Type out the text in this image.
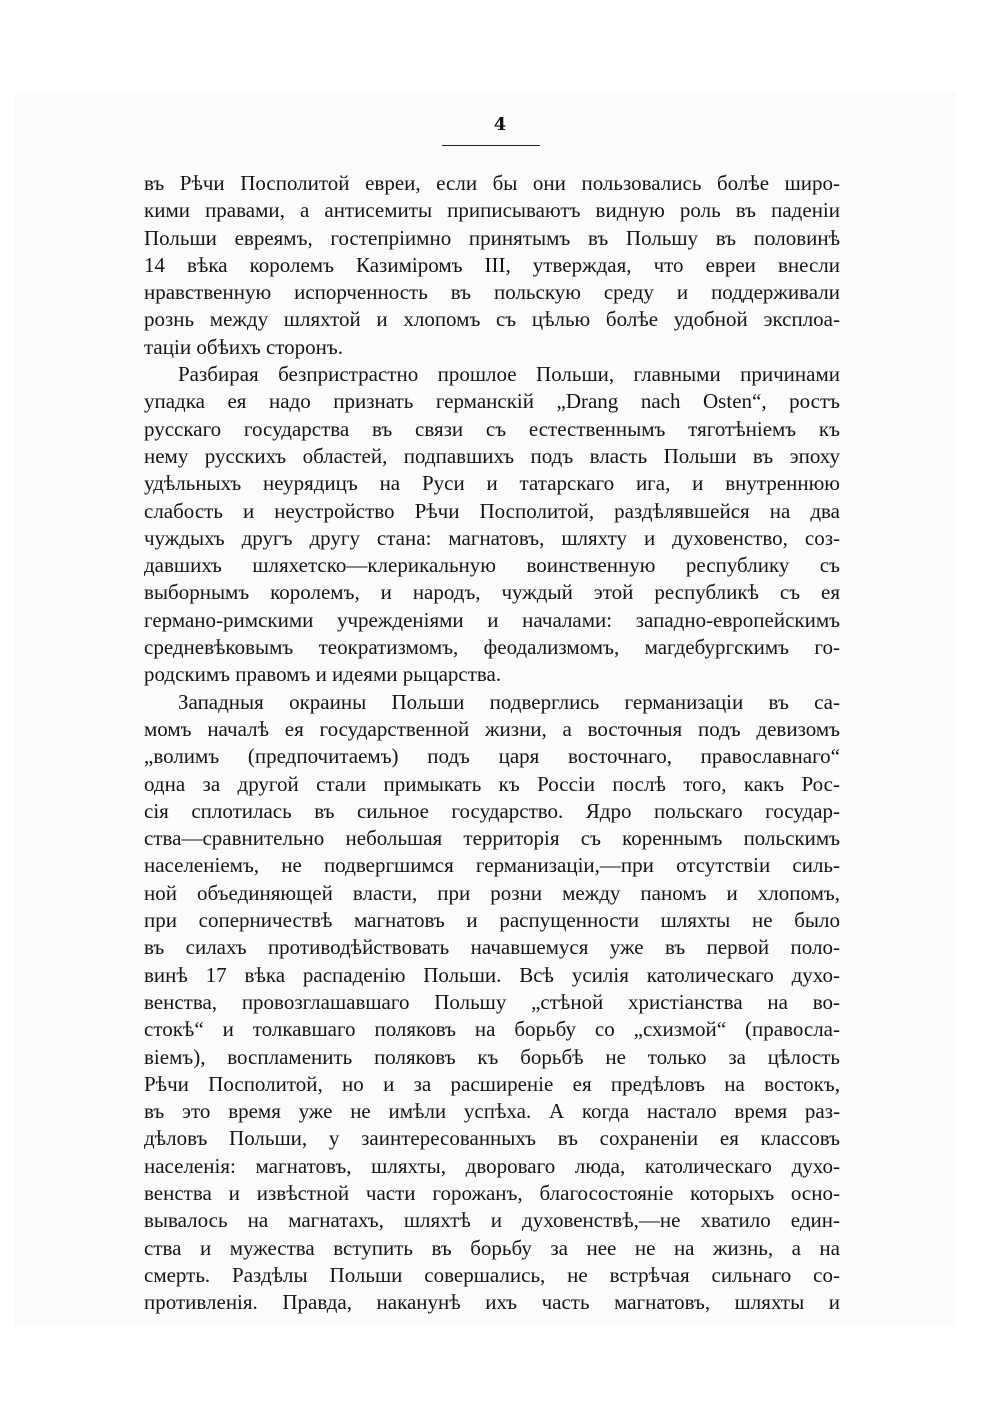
4
въ Рѣчи Посполитой евреи, если бы они пользовались болѣе широ-
кими правами, а антисемиты приписываютъ видную роль въ паденіи
Польши евреямъ, гостепріимно принятымъ въ Польшу въ половинѣ
14 вѣка королемъ Казиміромъ III, утверждая, что евреи внесли
нравственную испорченность въ польскую среду и поддерживали
рознь между шляхтой и хлопомъ съ цѣлью болѣе удобной эксплоа-
таціи обѣихъ сторонъ.
Разбирая безпристрастно прошлое Польши, главными причинами
упадка ея надо признать германскій „Drang nach Osten“, ростъ
русскаго государства въ связи съ естественнымъ тяготѣніемъ къ
нему русскихъ областей, подпавшихъ подъ власть Польши въ эпоху
удѣльныхъ неурядицъ на Руси и татарскаго ига, и внутреннюю
слабость и неустройство Рѣчи Посполитой, раздѣлявшейся на два
чуждыхъ другъ другу стана: магнатовъ, шляхту и духовенство, соз-
давшихъ шляхетско—клерикальную воинственную республику съ
выборнымъ королемъ, и народъ, чуждый этой республикѣ съ ея
германо-римскими учрежденіями и началами: западно-европейскимъ
средневѣковымъ теократизмомъ, феодализмомъ, магдебургскимъ го-
родскимъ правомъ и идеями рыцарства.
Западныя окраины Польши подверглись германизаціи въ са-
момъ началѣ ея государственной жизни, а восточныя подъ девизомъ
„волимъ (предпочитаемъ) подъ царя восточнаго, православнаго“
одна за другой стали примыкать къ Россіи послѣ того, какъ Рос-
сія сплотилась въ сильное государство. Ядро польскаго государ-
ства—сравнительно небольшая территорія съ кореннымъ польскимъ
населеніемъ, не подвергшимся германизаціи,—при отсутствіи силь-
ной объединяющей власти, при розни между паномъ и хлопомъ,
при соперничествѣ магнатовъ и распущенности шляхты не было
въ силахъ противодѣйствовать начавшемуся уже въ первой поло-
винѣ 17 вѣка распаденію Польши. Всѣ усилія католическаго духо-
венства, провозглашавшаго Польшу „стѣной христіанства на во-
стокѣ“ и толкавшаго поляковъ на борьбу со „схизмой“ (правосла-
віемъ), воспламенить поляковъ къ борьбѣ не только за цѣлость
Рѣчи Посполитой, но и за расширеніе ея предѣловъ на востокъ,
въ это время уже не имѣли успѣха. А когда настало время раз-
дѣловъ Польши, у заинтересованныхъ въ сохраненіи ея классовъ
населенія: магнатовъ, шляхты, двороваго люда, католическаго духо-
венства и извѣстной части горожанъ, благосостояніе которыхъ осно-
вывалось на магнатахъ, шляхтѣ и духовенствѣ,—не хватило един-
ства и мужества вступить въ борьбу за нее не на жизнь, а на
смерть. Раздѣлы Польши совершались, не встрѣчая сильнаго со-
противленія. Правда, наканунѣ ихъ часть магнатовъ, шляхты и
